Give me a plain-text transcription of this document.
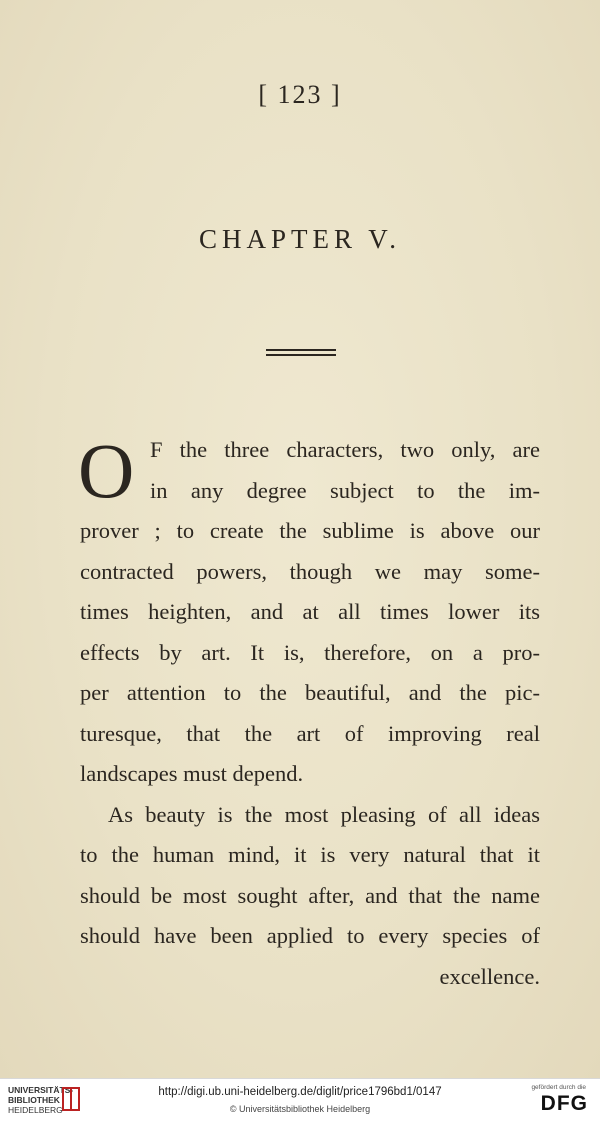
[ 123 ]
CHAPTER V.
O F the three characters, two only, are
in any degree subject to the im-
prover ; to create the sublime is above our
contracted powers, though we may some-
times heighten, and at all times lower its
effects by art. It is, therefore, on a pro-
per attention to the beautiful, and the pic-
turesque, that the art of improving real
landscapes must depend.
As beauty is the most pleasing of all ideas
to the human mind, it is very natural that it
should be most sought after, and that the name
should have been applied to every species of
excellence.
UNIVERSITÄTS-
BIBLIOTHEK
HEIDELBERG
http://digi.ub.uni-heidelberg.de/diglit/price1796bd1/0147
© Universitätsbibliothek Heidelberg
gefördert durch die
DFG
